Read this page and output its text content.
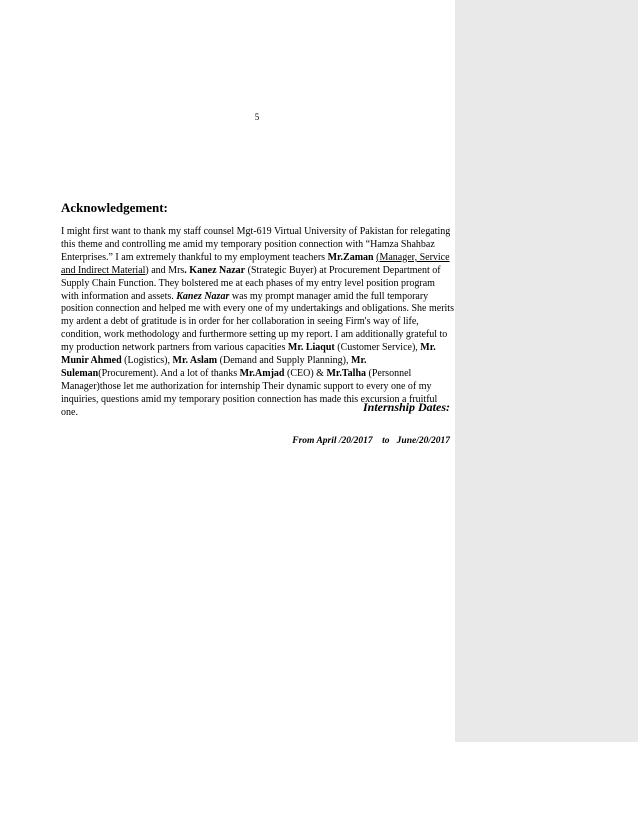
5
Acknowledgement:

I might first want to thank my staff counsel Mgt-619 Virtual University of Pakistan for relegating this theme and controlling me amid my temporary position connection with “Hamza Shahbaz Enterprises.” I am extremely thankful to my employment teachers Mr.Zaman (Manager, Service and Indirect Material) and Mrs. Kanez Nazar (Strategic Buyer) at Procurement Department of Supply Chain Function. They bolstered me at each phases of my entry level position program with information and assets. Kanez Nazar was my prompt manager amid the full temporary position connection and helped me with every one of my undertakings and obligations. She merits my ardent a debt of gratitude is in order for her collaboration in seeing Firm's way of life, condition, work methodology and furthermore setting up my report. I am additionally grateful to my production network partners from various capacities Mr. Liaqut (Customer Service), Mr. Munir Ahmed (Logistics), Mr. Aslam (Demand and Supply Planning), Mr. Suleman(Procurement). And a lot of thanks Mr.Amjad (CEO) & Mr.Talha (Personnel Manager)those let me authorization for internship Their dynamic support to every one of my inquiries, questions amid my temporary position connection has made this excursion a fruitful one.	Internship Dates:
From April /20/2017    to   June/20/2017
